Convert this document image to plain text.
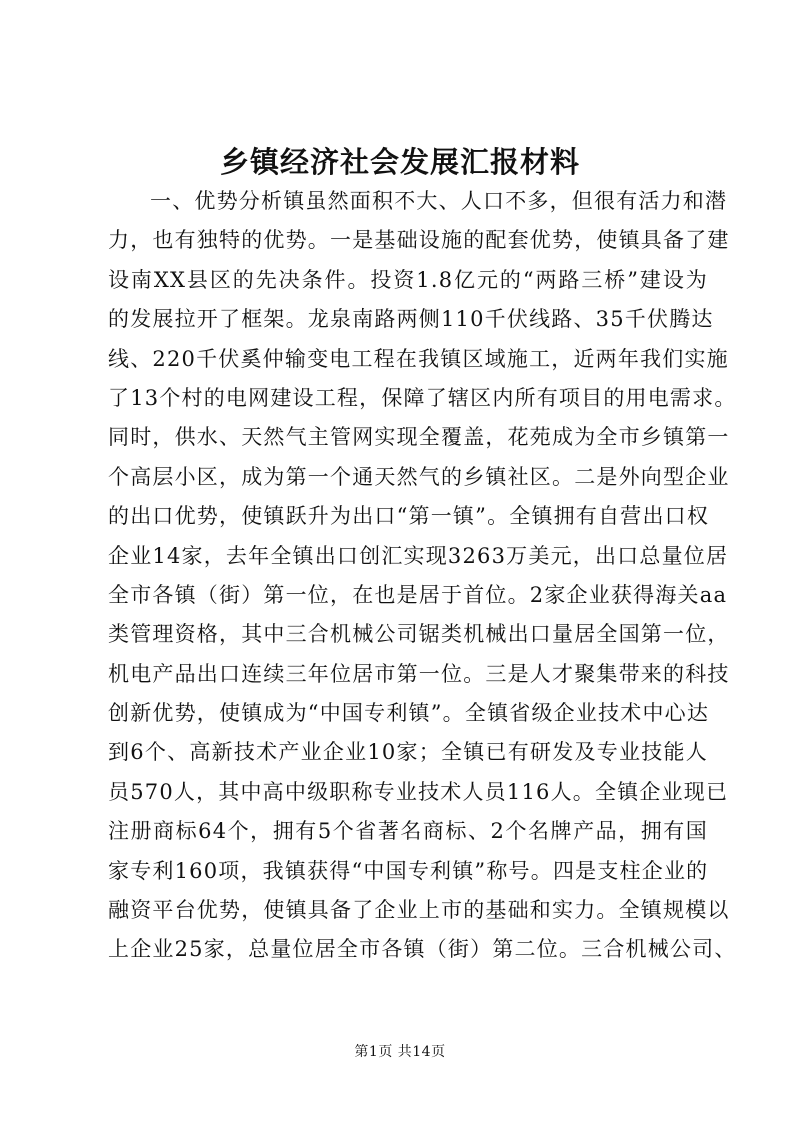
乡镇经济社会发展汇报材料
一、优势分析镇虽然面积不大、人口不多，但很有活力和潜
力，也有独特的优势。一是基础设施的配套优势，使镇具备了建
设南XX县区的先决条件。投资1.8亿元的“两路三桥”建设为
的发展拉开了框架。龙泉南路两侧110千伏线路、35千伏腾达
线、220千伏奚仲输变电工程在我镇区域施工，近两年我们实施
了13个村的电网建设工程，保障了辖区内所有项目的用电需求。
同时，供水、天然气主管网实现全覆盖，花苑成为全市乡镇第一
个高层小区，成为第一个通天然气的乡镇社区。二是外向型企业
的出口优势，使镇跃升为出口“第一镇”。全镇拥有自营出口权
企业14家，去年全镇出口创汇实现3263万美元，出口总量位居
全市各镇（街）第一位，在也是居于首位。2家企业获得海关aa
类管理资格，其中三合机械公司锯类机械出口量居全国第一位，
机电产品出口连续三年位居市第一位。三是人才聚集带来的科技
创新优势，使镇成为“中国专利镇”。全镇省级企业技术中心达
到6个、高新技术产业企业10家；全镇已有研发及专业技能人
员570人，其中高中级职称专业技术人员116人。全镇企业现已
注册商标64个，拥有5个省著名商标、2个名牌产品，拥有国
家专利160项，我镇获得“中国专利镇”称号。四是支柱企业的
融资平台优势，使镇具备了企业上市的基础和实力。全镇规模以
上企业25家，总量位居全市各镇（街）第二位。三合机械公司、
第1页 共14页
